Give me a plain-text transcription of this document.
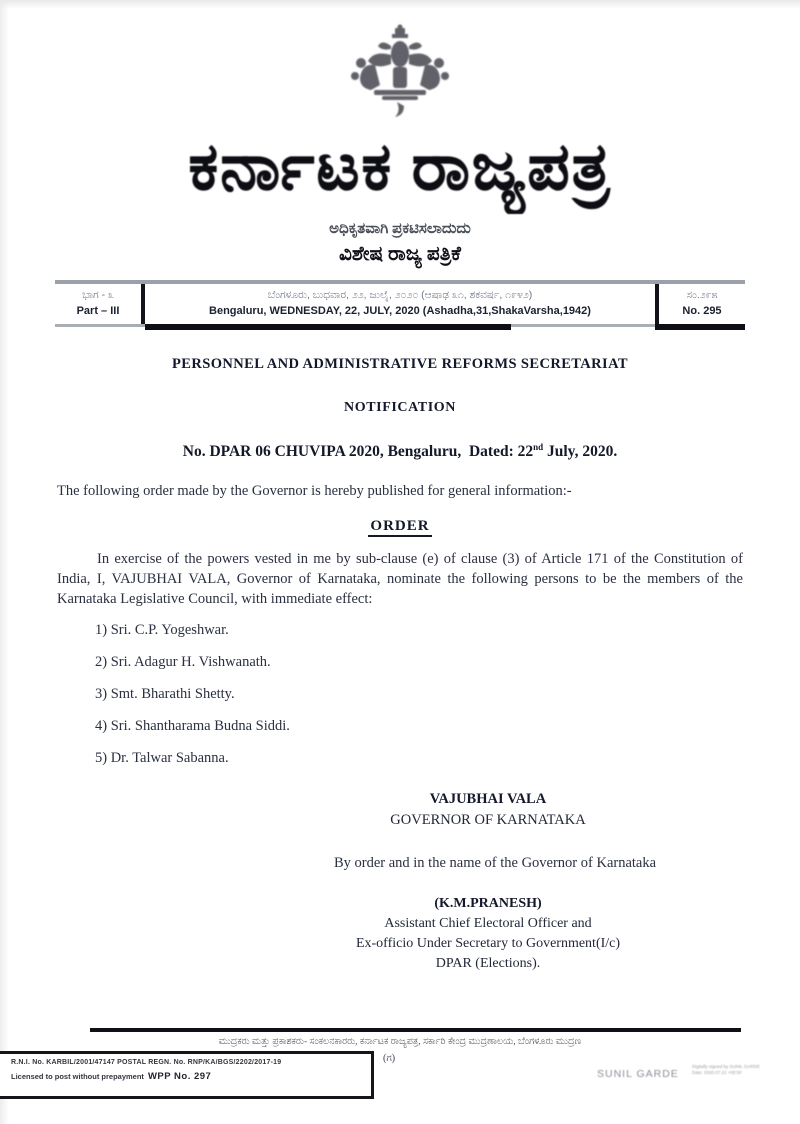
ಕರ್ನಾಟಕ ರಾಜ್ಯಪತ್ರ
ಅಧಿಕೃತವಾಗಿ ಪ್ರಕಟಿಸಲಾದುದು
ವಿಶೇಷ ರಾಜ್ಯ ಪತ್ರಿಕೆ
ಭಾಗ - ೩
Part – III
ಬೆಂಗಳೂರು, ಬುಧವಾರ, ೨೨, ಜುಲೈ, ೨೦೨೦ (ಆಷಾಢ ೩೧, ಶಕವರ್ಷ, ೧೯೪೨)
Bengaluru, WEDNESDAY, 22, JULY, 2020 (Ashadha,31,ShakaVarsha,1942)
ಸಂ.೨೯೫
No. 295
PERSONNEL AND ADMINISTRATIVE REFORMS SECRETARIAT
NOTIFICATION
No. DPAR 06 CHUVIPA 2020, Bengaluru,  Dated: 22nd July, 2020.
The following order made by the Governor is hereby published for general information:-
ORDER
In exercise of the powers vested in me by sub-clause (e) of clause (3) of Article 171 of the Constitution of India, I, VAJUBHAI VALA, Governor of Karnataka, nominate the following persons to be the members of the Karnataka Legislative Council, with immediate effect:
1) Sri. C.P. Yogeshwar.
2) Sri. Adagur H. Vishwanath.
3) Smt. Bharathi Shetty.
4) Sri. Shantharama Budna Siddi.
5) Dr. Talwar Sabanna.
VAJUBHAI VALA
GOVERNOR OF KARNATAKA
By order and in the name of the Governor of Karnataka
(K.M.PRANESH)
Assistant Chief Electoral Officer and
Ex-officio Under Secretary to Government(I/c)
DPAR (Elections).
ಮುದ್ರಕರು ಮತ್ತು ಪ್ರಕಾಶಕರು- ಸಂಕಲನಕಾರರು, ಕರ್ನಾಟಕ ರಾಜ್ಯಪತ್ರ, ಸರ್ಕಾರಿ ಕೇಂದ್ರ ಮುದ್ರಣಾಲಯ, ಬೆಂಗಳೂರು ಮುದ್ರಣ
R.N.I. No. KARBIL/2001/47147 POSTAL REGN. No. RNP/KA/BGS/2202/2017-19
Licensed to post without prepayment WPP No. 297
(ಗ)
SUNIL GARDE
Digitally signed by SUNIL GARDE
Date: 2020.07.22 +05'30'
